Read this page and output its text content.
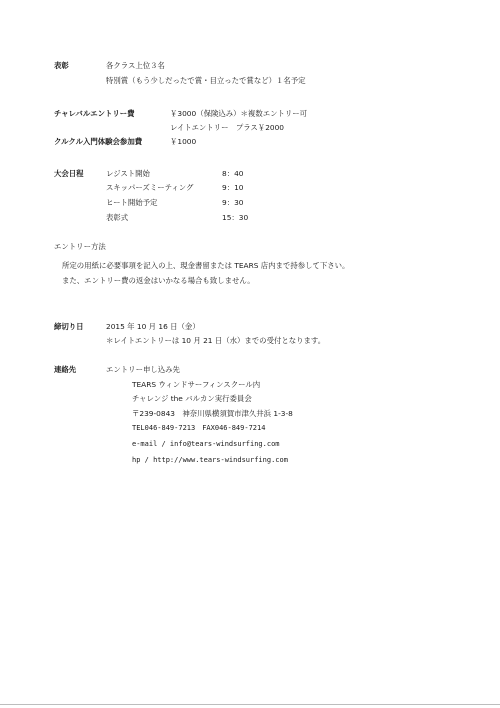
表彰	各クラス上位３名
特別賞（もう少しだったで賞・目立ったで賞など）１名予定
チャレバルエントリー費	￥3000（保険込み）＊複数エントリー可
レイトエントリー　プラス￥2000
クルクル入門体験会参加費	￥1000
大会日程	レジスト開始	8：40
スキッパーズミーティング	9：10
ヒート開始予定	9：30
表彰式	15：30
エントリー方法
所定の用紙に必要事項を記入の上、現金書留または TEARS 店内まで持参して下さい。
また、エントリー費の返金はいかなる場合も致しません。
締切り日	2015 年 10 月 16 日（金）
＊レイトエントリーは 10 月 21 日（水）までの受付となります。
連絡先	エントリー申し込み先
TEARS ウィンドサーフィンスクール内
チャレンジ the バルカン実行委員会
〒239-0843　神奈川県横須賀市津久井浜 1-3-8
TEL046-849-7213　FAX046-849-7214
e-mail / info@tears-windsurfing.com
hp / http://www.tears-windsurfing.com
